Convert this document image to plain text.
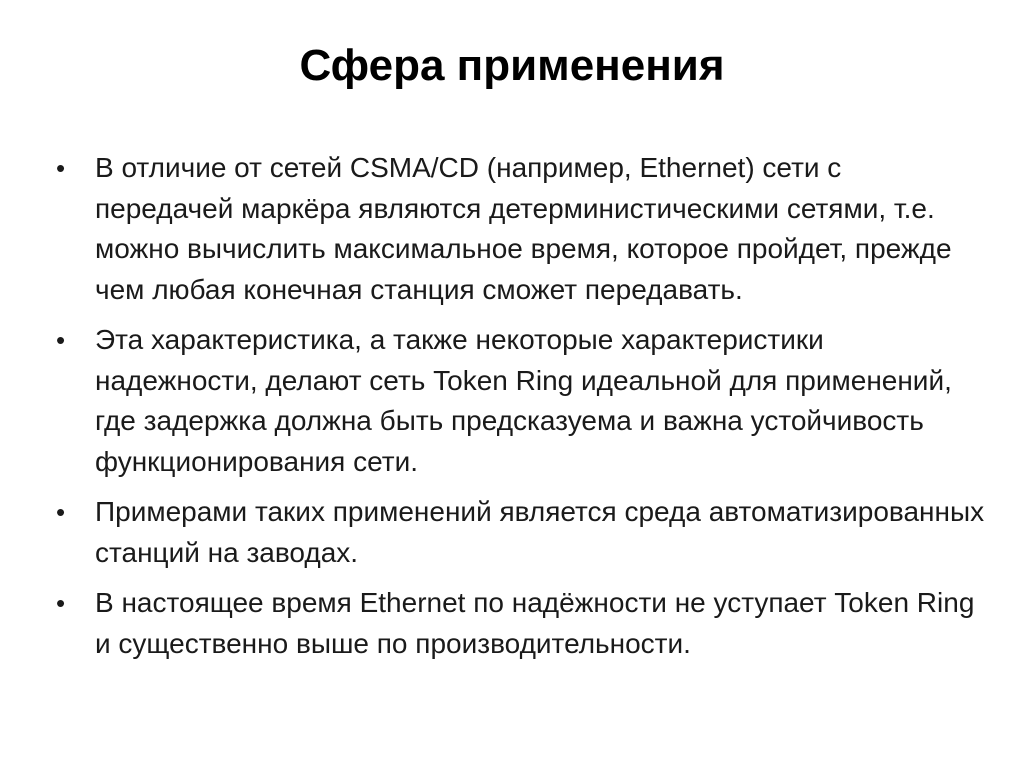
Сфера применения
• В отличие от сетей CSMA/CD (например, Ethernet) сети с передачей маркёра являются детерминистическими сетями, т.е. можно вычислить максимальное время, которое пройдет, прежде чем любая конечная станция сможет передавать.
• Эта характеристика, а также некоторые характеристики надежности, делают сеть Token Ring идеальной для применений, где задержка должна быть предсказуема и важна устойчивость функционирования сети.
• Примерами таких применений является среда автоматизированных станций на заводах.
• В настоящее время Ethernet по надёжности не уступает Token Ring и существенно выше по производительности.
